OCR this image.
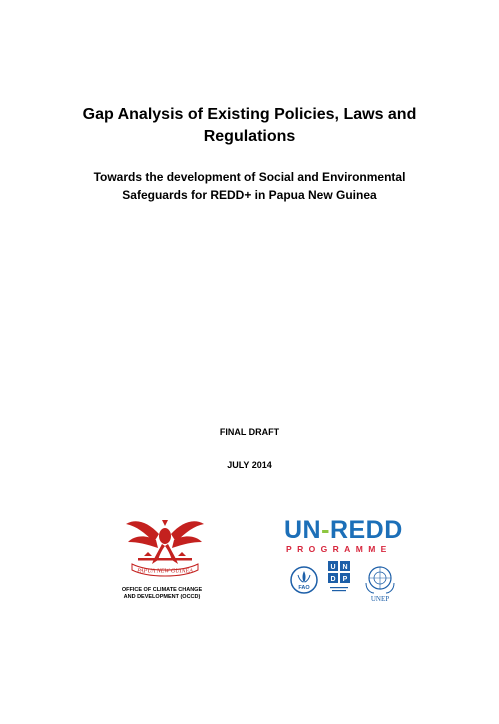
Gap Analysis of Existing Policies, Laws and
Regulations
Towards the development of Social and Environmental
Safeguards for REDD+ in Papua New Guinea
FINAL DRAFT
JULY 2014
PAPUA NEW GUINEA
OFFICE OF CLIMATE CHANGE
AND DEVELOPMENT (OCCD)
UN-REDD
PROGRAMME
FAO
U N
D P
UNEP
